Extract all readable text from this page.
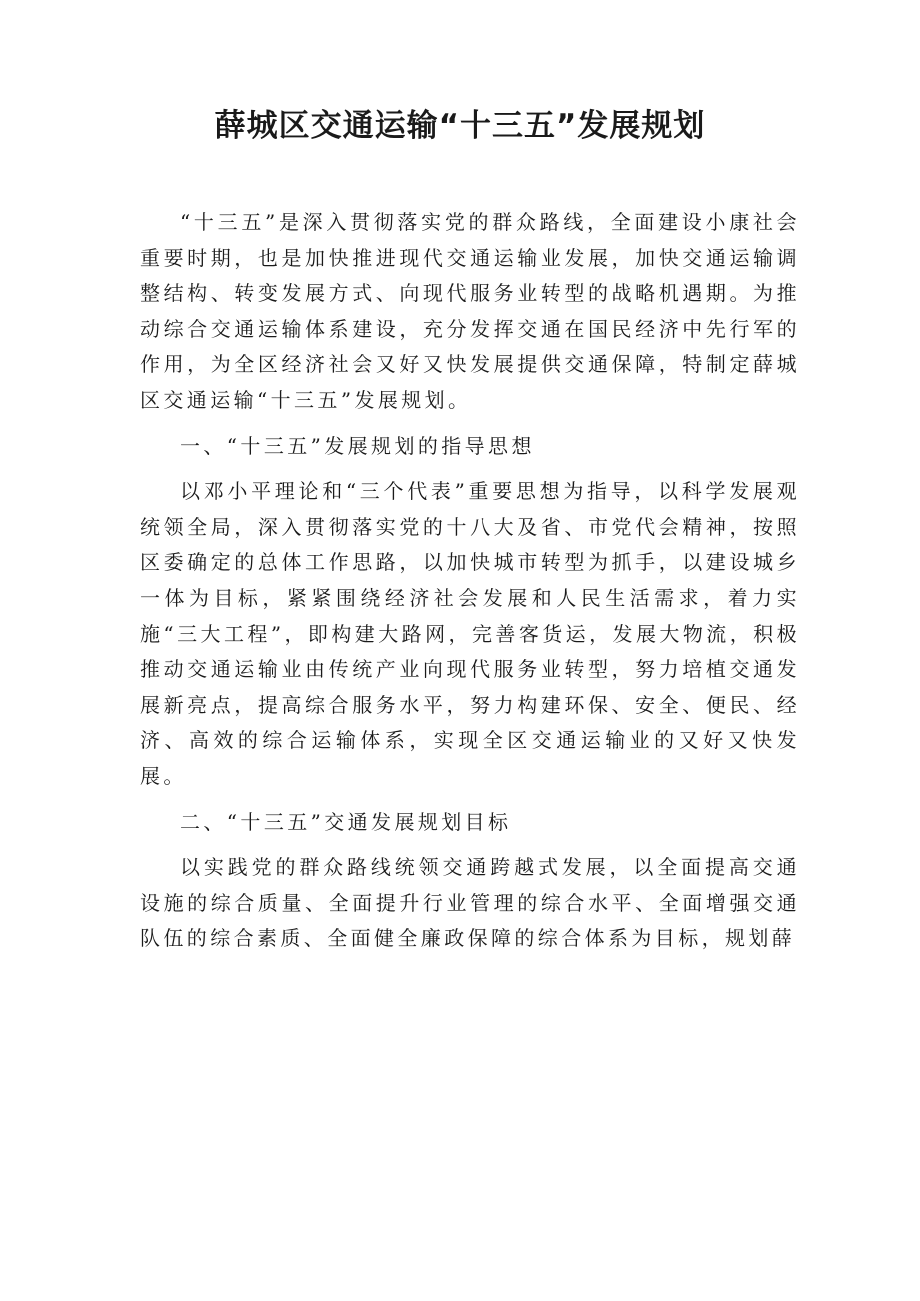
薛城区交通运输“十三五”发展规划

“十三五”是深入贯彻落实党的群众路线，全面建设小康社会重要时期，也是加快推进现代交通运输业发展，加快交通运输调整结构、转变发展方式、向现代服务业转型的战略机遇期。为推动综合交通运输体系建设，充分发挥交通在国民经济中先行军的作用，为全区经济社会又好又快发展提供交通保障，特制定薛城区交通运输“十三五”发展规划。

一、“十三五”发展规划的指导思想

以邓小平理论和“三个代表”重要思想为指导，以科学发展观统领全局，深入贯彻落实党的十八大及省、市党代会精神，按照区委确定的总体工作思路，以加快城市转型为抓手，以建设城乡一体为目标，紧紧围绕经济社会发展和人民生活需求，着力实施“三大工程”，即构建大路网，完善客货运，发展大物流，积极推动交通运输业由传统产业向现代服务业转型，努力培植交通发展新亮点，提高综合服务水平，努力构建环保、安全、便民、经济、高效的综合运输体系，实现全区交通运输业的又好又快发展。

二、“十三五”交通发展规划目标

以实践党的群众路线统领交通跨越式发展，以全面提高交通设施的综合质量、全面提升行业管理的综合水平、全面增强交通队伍的综合素质、全面健全廉政保障的综合体系为目标，规划薛
